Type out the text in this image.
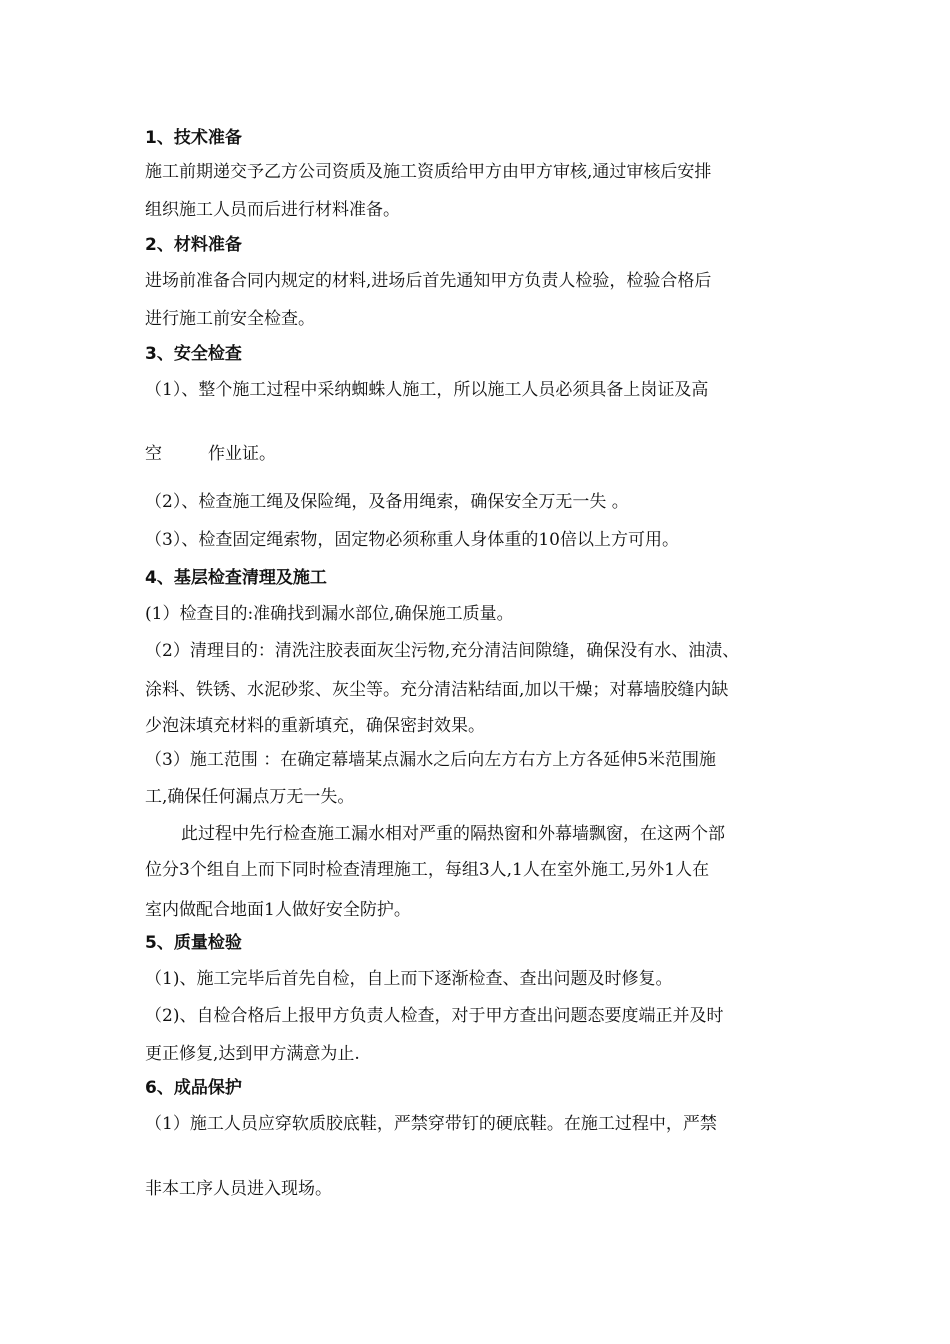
1、技术准备
施工前期递交予乙方公司资质及施工资质给甲方由甲方审核,通过审核后安排
组织施工人员而后进行材料准备。
2、材料准备
进场前准备合同内规定的材料,进场后首先通知甲方负责人检验，检验合格后
进行施工前安全检查。
3、安全检查
（1）、整个施工过程中采纳蜘蛛人施工，所以施工人员必须具备上岗证及高
空	作业证。
（2）、检查施工绳及保险绳，及备用绳索，确保安全万无一失 。
（3）、检查固定绳索物，固定物必须称重人身体重的10倍以上方可用。
4、基层检查清理及施工
(1）检查目的:准确找到漏水部位,确保施工质量。
（2）清理目的：清洗注胶表面灰尘污物,充分清洁间隙缝，确保没有水、油渍、
涂料、铁锈、水泥砂浆、灰尘等。充分清洁粘结面,加以干燥；对幕墙胶缝内缺
少泡沫填充材料的重新填充，确保密封效果。
（3）施工范围 ：在确定幕墙某点漏水之后向左方右方上方各延伸5米范围施
工,确保任何漏点万无一失。
此过程中先行检查施工漏水相对严重的隔热窗和外幕墙飘窗，在这两个部
位分3个组自上而下同时检查清理施工，每组3人,1人在室外施工,另外1人在
室内做配合地面1人做好安全防护。
5、质量检验
（1)、施工完毕后首先自检，自上而下逐渐检查、查出问题及时修复。
（2)、自检合格后上报甲方负责人检查，对于甲方查出问题态要度端正并及时
更正修复,达到甲方满意为止.
6、成品保护
（1）施工人员应穿软质胶底鞋，严禁穿带钉的硬底鞋。在施工过程中，严禁
非本工序人员进入现场。
